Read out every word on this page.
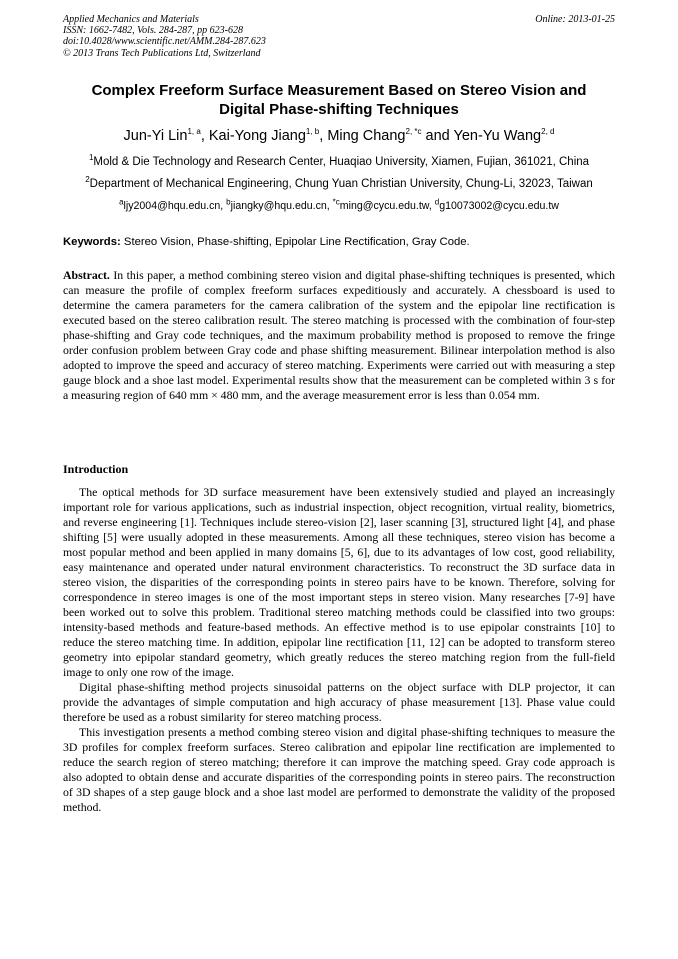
Applied Mechanics and Materials
ISSN: 1662-7482, Vols. 284-287, pp 623-628
doi:10.4028/www.scientific.net/AMM.284-287.623
© 2013 Trans Tech Publications Ltd, Switzerland
Online: 2013-01-25
Complex Freeform Surface Measurement Based on Stereo Vision and
Digital Phase-shifting Techniques
Jun-Yi Lin$^{1, a}$, Kai-Yong Jiang$^{1, b}$, Ming Chang$^{2, *c}$ and Yen-Yu Wang$^{2, d}$
$^1$Mold & Die Technology and Research Center, Huaqiao University, Xiamen, Fujian, 361021, China
$^2$Department of Mechanical Engineering, Chung Yuan Christian University, Chung-Li, 32023, Taiwan
$^a$ljy2004@hqu.edu.cn, $^b$jiangky@hqu.edu.cn, $^{*c}$ming@cycu.edu.tw, $^d$g10073002@cycu.edu.tw
Keywords: Stereo Vision, Phase-shifting, Epipolar Line Rectification, Gray Code.
Abstract. In this paper, a method combining stereo vision and digital phase-shifting techniques is presented, which can measure the profile of complex freeform surfaces expeditiously and accurately. A chessboard is used to determine the camera parameters for the camera calibration of the system and the epipolar line rectification is executed based on the stereo calibration result. The stereo matching is processed with the combination of four-step phase-shifting and Gray code techniques, and the maximum probability method is proposed to remove the fringe order confusion problem between Gray code and phase shifting measurement. Bilinear interpolation method is also adopted to improve the speed and accuracy of stereo matching. Experiments were carried out with measuring a step gauge block and a shoe last model. Experimental results show that the measurement can be completed within 3 s for a measuring region of 640 mm × 480 mm, and the average measurement error is less than 0.054 mm.
Introduction

The optical methods for 3D surface measurement have been extensively studied and played an increasingly important role for various applications, such as industrial inspection, object recognition, virtual reality, biometrics, and reverse engineering [1]. Techniques include stereo-vision [2], laser scanning [3], structured light [4], and phase shifting [5] were usually adopted in these measurements. Among all these techniques, stereo vision has become a most popular method and been applied in many domains [5, 6], due to its advantages of low cost, good reliability, easy maintenance and operated under natural environment characteristics. To reconstruct the 3D surface data in stereo vision, the disparities of the corresponding points in stereo pairs have to be known. Therefore, solving for correspondence in stereo images is one of the most important steps in stereo vision. Many researches [7-9] have been worked out to solve this problem. Traditional stereo matching methods could be classified into two groups: intensity-based methods and feature-based methods. An effective method is to use epipolar constraints [10] to reduce the stereo matching time. In addition, epipolar line rectification [11, 12] can be adopted to transform stereo geometry into epipolar standard geometry, which greatly reduces the stereo matching region from the full-field image to only one row of the image.

Digital phase-shifting method projects sinusoidal patterns on the object surface with DLP projector, it can provide the advantages of simple computation and high accuracy of phase measurement [13]. Phase value could therefore be used as a robust similarity for stereo matching process.

This investigation presents a method combing stereo vision and digital phase-shifting techniques to measure the 3D profiles for complex freeform surfaces. Stereo calibration and epipolar line rectification are implemented to reduce the search region of stereo matching; therefore it can improve the matching speed. Gray code approach is also adopted to obtain dense and accurate disparities of the corresponding points in stereo pairs. The reconstruction of 3D shapes of a step gauge block and a shoe last model are performed to demonstrate the validity of the proposed method.
